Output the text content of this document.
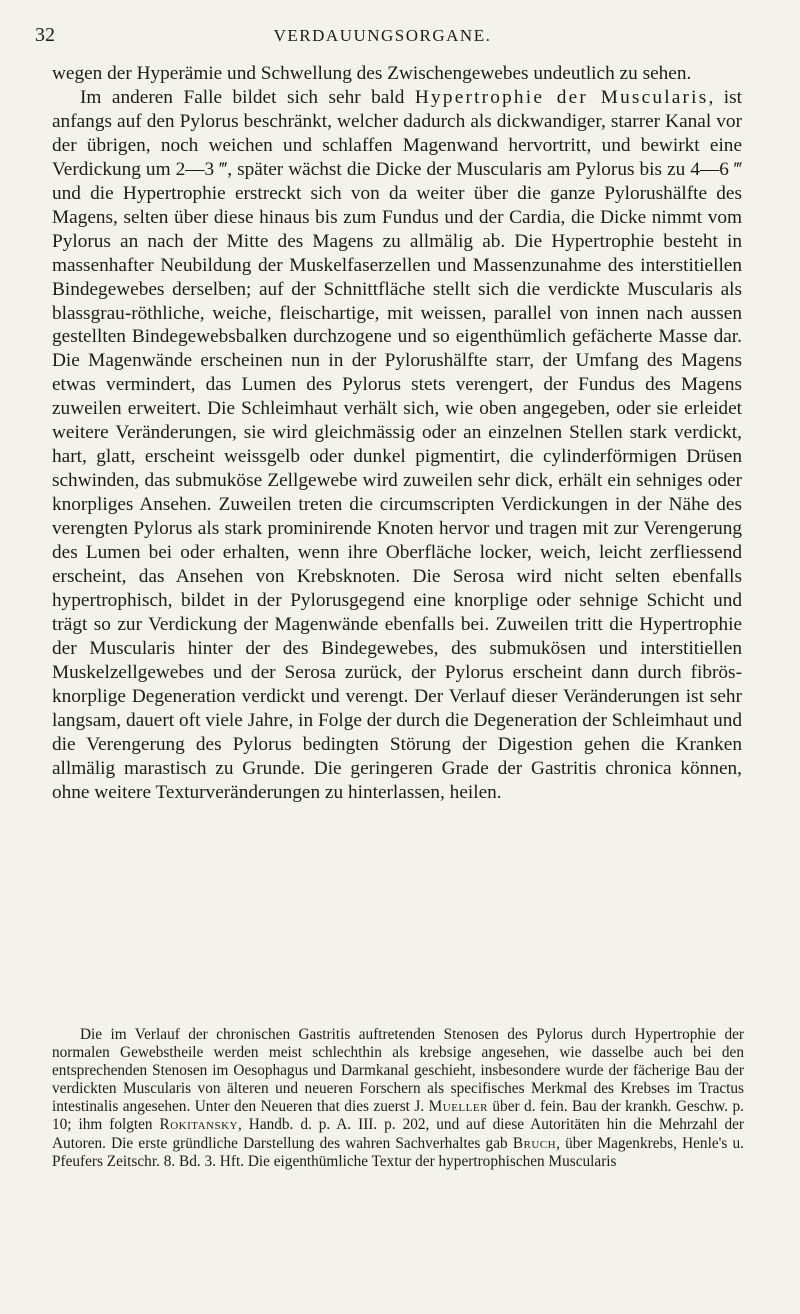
32	VERDAUUNGSORGANE.

wegen der Hyperämie und Schwellung des Zwischengewebes undeutlich zu sehen.

Im anderen Falle bildet sich sehr bald Hypertrophie der Muscularis, ist anfangs auf den Pylorus beschränkt, welcher dadurch als dickwandiger, starrer Kanal vor der übrigen, noch weichen und schlaffen Magenwand hervortritt, und bewirkt eine Verdickung um 2—3 ‴, später wächst die Dicke der Muscularis am Pylorus bis zu 4—6 ‴ und die Hypertrophie erstreckt sich von da weiter über die ganze Pylorushälfte des Magens, selten über diese hinaus bis zum Fundus und der Cardia, die Dicke nimmt vom Pylorus an nach der Mitte des Magens zu allmälig ab. Die Hypertrophie besteht in massenhafter Neubildung der Muskelfaserzellen und Massenzunahme des interstitiellen Bindegewebes derselben; auf der Schnittfläche stellt sich die verdickte Muscularis als blassgrau-röthliche, weiche, fleischartige, mit weissen, parallel von innen nach aussen gestellten Bindegewebsbalken durchzogene und so eigenthümlich gefächerte Masse dar. Die Magenwände erscheinen nun in der Pylorushälfte starr, der Umfang des Magens etwas vermindert, das Lumen des Pylorus stets verengert, der Fundus des Magens zuweilen erweitert. Die Schleimhaut verhält sich, wie oben angegeben, oder sie erleidet weitere Veränderungen, sie wird gleichmässig oder an einzelnen Stellen stark verdickt, hart, glatt, erscheint weissgelb oder dunkel pigmentirt, die cylinderförmigen Drüsen schwinden, das submuköse Zellgewebe wird zuweilen sehr dick, erhält ein sehniges oder knorpliges Ansehen. Zuweilen treten die circumscripten Verdickungen in der Nähe des verengten Pylorus als stark prominirende Knoten hervor und tragen mit zur Verengerung des Lumen bei oder erhalten, wenn ihre Oberfläche locker, weich, leicht zerfliessend erscheint, das Ansehen von Krebsknoten. Die Serosa wird nicht selten ebenfalls hypertrophisch, bildet in der Pylorusgegend eine knorplige oder sehnige Schicht und trägt so zur Verdickung der Magenwände ebenfalls bei. Zuweilen tritt die Hypertrophie der Muscularis hinter der des Bindegewebes, des submukösen und interstitiellen Muskelzellgewebes und der Serosa zurück, der Pylorus erscheint dann durch fibrös-knorplige Degeneration verdickt und verengt. Der Verlauf dieser Veränderungen ist sehr langsam, dauert oft viele Jahre, in Folge der durch die Degeneration der Schleimhaut und die Verengerung des Pylorus bedingten Störung der Digestion gehen die Kranken allmälig marastisch zu Grunde. Die geringeren Grade der Gastritis chronica können, ohne weitere Texturveränderungen zu hinterlassen, heilen.

Die im Verlauf der chronischen Gastritis auftretenden Stenosen des Pylorus durch Hypertrophie der normalen Gewebstheile werden meist schlechthin als krebsige angesehen, wie dasselbe auch bei den entsprechenden Stenosen im Oesophagus und Darmkanal geschieht, insbesondere wurde der fächerige Bau der verdickten Muscularis von älteren und neueren Forschern als specifisches Merkmal des Krebses im Tractus intestinalis angesehen. Unter den Neueren that dies zuerst J. Mueller über d. fein. Bau der krankh. Geschw. p. 10; ihm folgten Rokitansky, Handb. d. p. A. III. p. 202, und auf diese Autoritäten hin die Mehrzahl der Autoren. Die erste gründliche Darstellung des wahren Sachverhaltes gab Bruch, über Magenkrebs, Henle's u. Pfeufers Zeitschr. 8. Bd. 3. Hft. Die eigenthümliche Textur der hypertrophischen Muscularis
